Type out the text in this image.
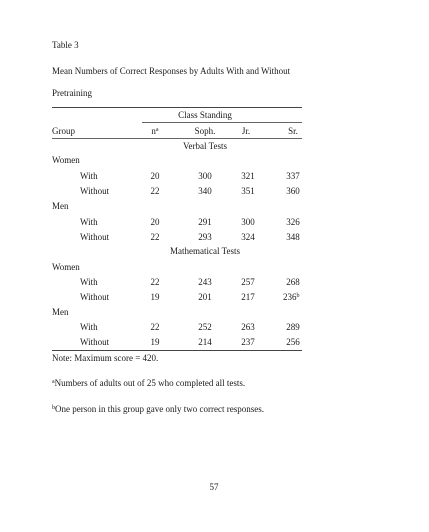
Table 3
Mean Numbers of Correct Responses by Adults With and Without
Pretraining
Class Standing
Group	n$^a$	Soph.	Jr.	Sr.
Verbal Tests
Women
With	20	300	321	337
Without	22	340	351	360
Men
With	20	291	300	326
Without	22	293	324	348
Mathematical Tests
Women
With	22	243	257	268
Without	19	201	217	236$^b$
Men
With	22	252	263	289
Without	19	214	237	256
Note: Maximum score = 420.
$^a$Numbers of adults out of 25 who completed all tests.
$^b$One person in this group gave only two correct responses.
57
